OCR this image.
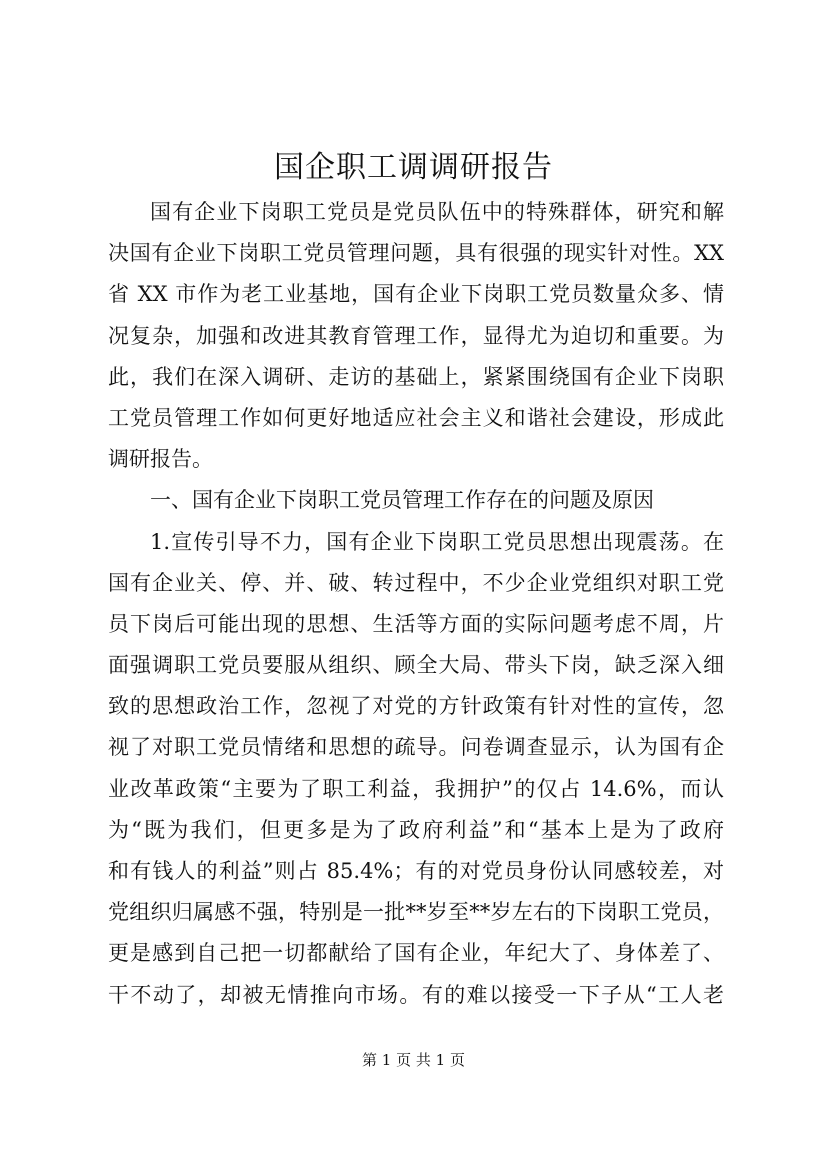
国企职工调调研报告
国有企业下岗职工党员是党员队伍中的特殊群体，研究和解
决国有企业下岗职工党员管理问题，具有很强的现实针对性。XX
省 XX 市作为老工业基地，国有企业下岗职工党员数量众多、情
况复杂，加强和改进其教育管理工作，显得尤为迫切和重要。为
此，我们在深入调研、走访的基础上，紧紧围绕国有企业下岗职
工党员管理工作如何更好地适应社会主义和谐社会建设，形成此
调研报告。
一、国有企业下岗职工党员管理工作存在的问题及原因
1.宣传引导不力，国有企业下岗职工党员思想出现震荡。在
国有企业关、停、并、破、转过程中，不少企业党组织对职工党
员下岗后可能出现的思想、生活等方面的实际问题考虑不周，片
面强调职工党员要服从组织、顾全大局、带头下岗，缺乏深入细
致的思想政治工作，忽视了对党的方针政策有针对性的宣传，忽
视了对职工党员情绪和思想的疏导。问卷调查显示，认为国有企
业改革政策“主要为了职工利益，我拥护”的仅占 14.6%，而认
为“既为我们，但更多是为了政府利益”和“基本上是为了政府
和有钱人的利益”则占 85.4%；有的对党员身份认同感较差，对
党组织归属感不强，特别是一批**岁至**岁左右的下岗职工党员，
更是感到自己把一切都献给了国有企业，年纪大了、身体差了、
干不动了，却被无情推向市场。有的难以接受一下子从“工人老
第 1 页 共 1 页
